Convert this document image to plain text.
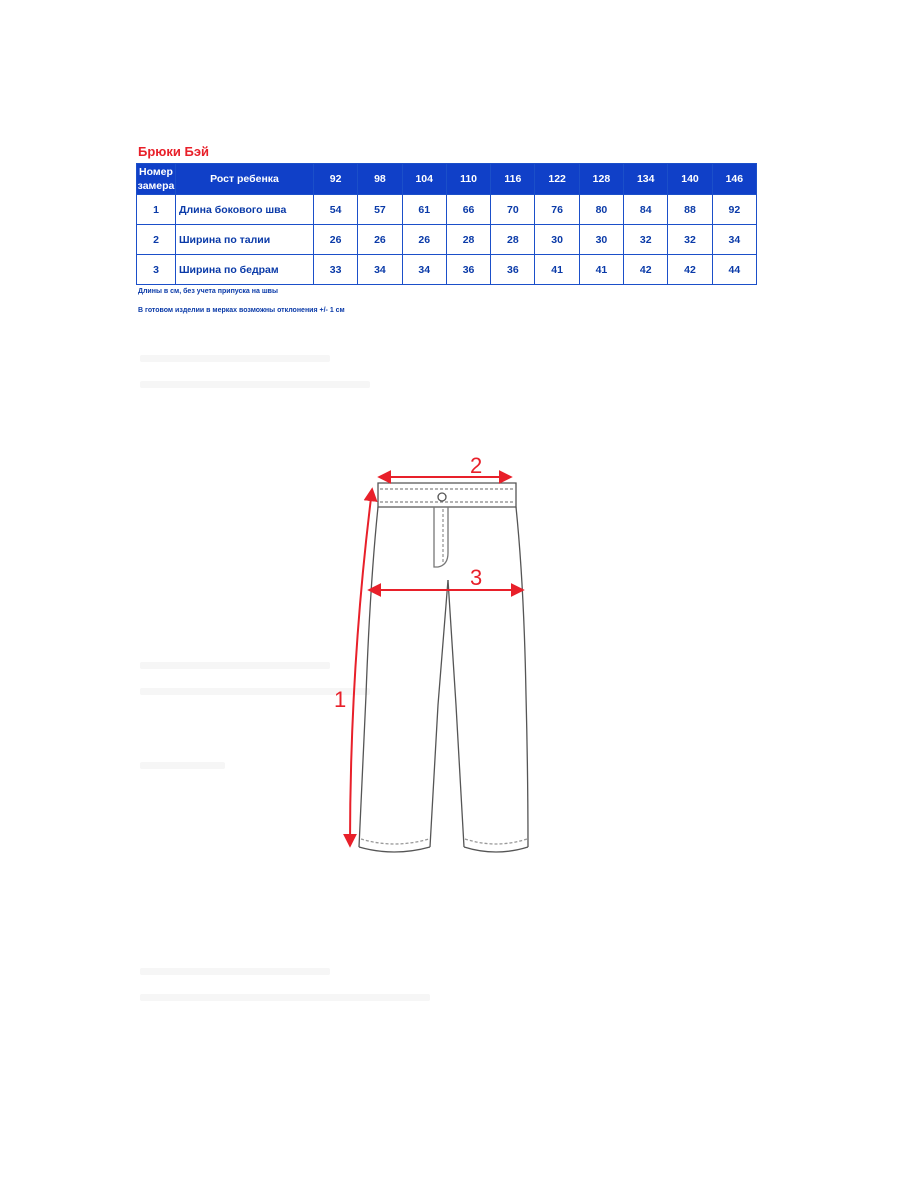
Брюки Бэй
Номер
замера	Рост ребенка	92	98	104	110	116	122	128	134	140	146
1	Длина бокового шва	54	57	61	66	70	76	80	84	88	92
2	Ширина по талии	26	26	26	28	28	30	30	32	32	34
3	Ширина по бедрам	33	34	34	36	36	41	41	42	42	44
Длины в см, без учета припуска на швы
В готовом изделии в мерках возможны отклонения +/- 1 см
2
3
1
